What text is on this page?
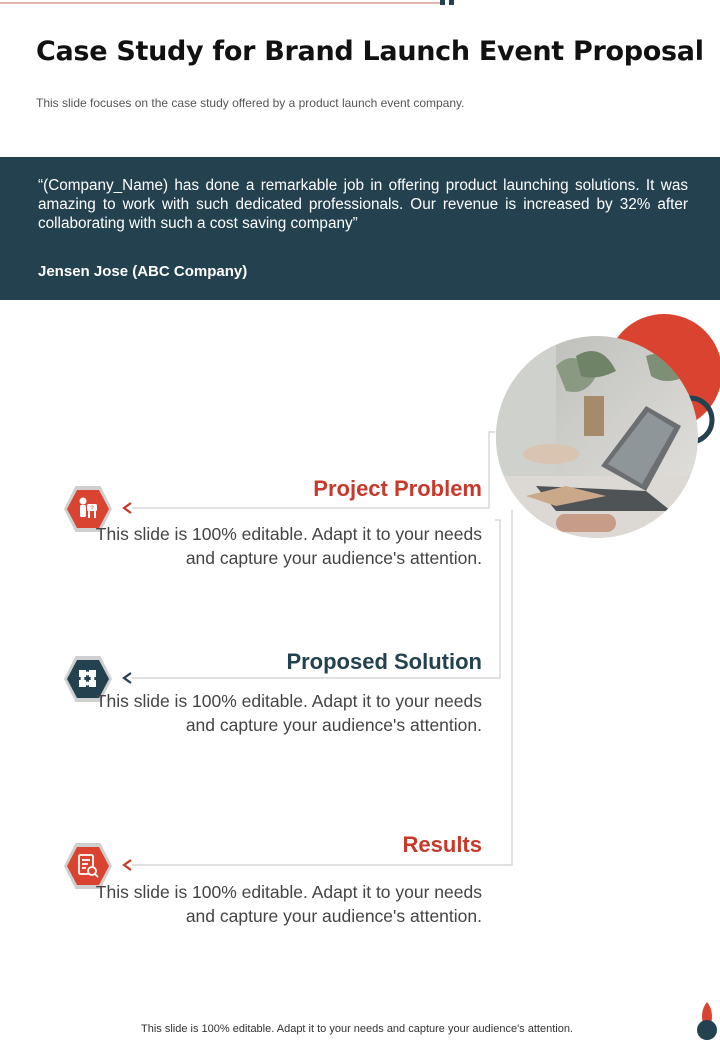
Case Study for Brand Launch Event Proposal
This slide focuses on the case study offered by a product launch event company.
“(Company_Name) has done a remarkable job in offering product launching solutions. It was amazing to work with such dedicated professionals. Our revenue is increased by 32% after collaborating with such a cost saving company”
Jensen Jose (ABC Company)
?
Project Problem
This slide is 100% editable. Adapt it to your needs and capture your audience's attention.
Proposed Solution
This slide is 100% editable. Adapt it to your needs and capture your audience's attention.
Results
This slide is 100% editable. Adapt it to your needs and capture your audience's attention.
This slide is 100% editable. Adapt it to your needs and capture your audience's attention.
